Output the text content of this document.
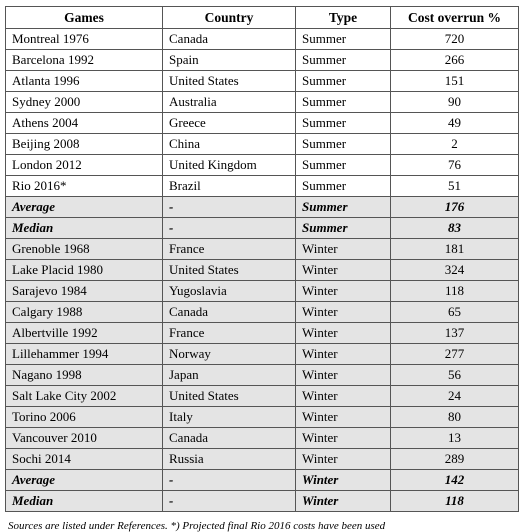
Games	Country	Type	Cost overrun %
Montreal 1976	Canada	Summer	720
Barcelona 1992	Spain	Summer	266
Atlanta 1996	United States	Summer	151
Sydney 2000	Australia	Summer	90
Athens 2004	Greece	Summer	49
Beijing 2008	China	Summer	2
London 2012	United Kingdom	Summer	76
Rio 2016*	Brazil	Summer	51
Average	-	Summer	176
Median	-	Summer	83
Grenoble 1968	France	Winter	181
Lake Placid 1980	United States	Winter	324
Sarajevo 1984	Yugoslavia	Winter	118
Calgary 1988	Canada	Winter	65
Albertville 1992	France	Winter	137
Lillehammer 1994	Norway	Winter	277
Nagano 1998	Japan	Winter	56
Salt Lake City 2002	United States	Winter	24
Torino 2006	Italy	Winter	80
Vancouver 2010	Canada	Winter	13
Sochi 2014	Russia	Winter	289
Average	-	Winter	142
Median	-	Winter	118
Sources are listed under References. *) Projected final Rio 2016 costs have been used
